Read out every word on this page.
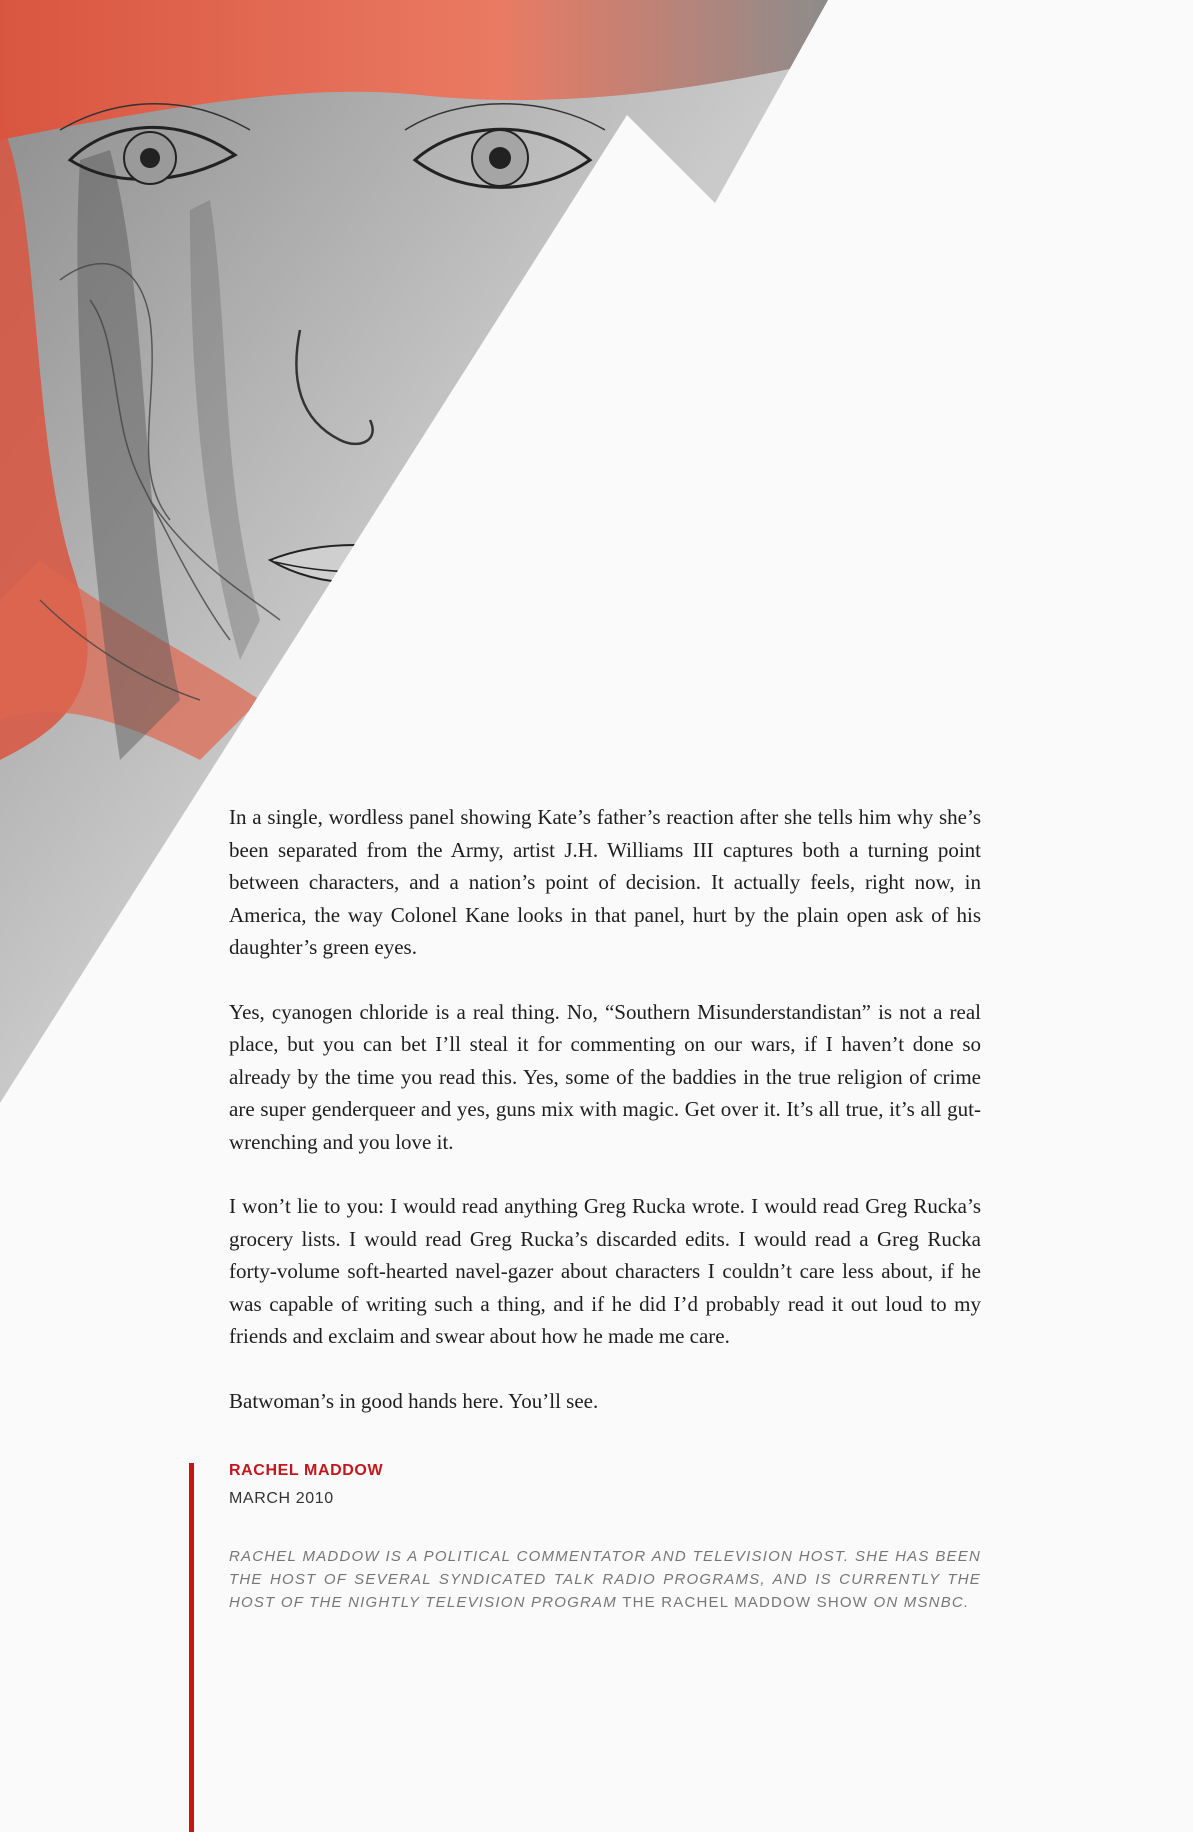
In a single, wordless panel showing Kate’s father’s reaction after she tells him why she’s been separated from the Army, artist J.H. Williams III captures both a turning point between characters, and a nation’s point of decision. It actually feels, right now, in America, the way Colonel Kane looks in that panel, hurt by the plain open ask of his daughter’s green eyes.

Yes, cyanogen chloride is a real thing. No, “Southern Misunderstandistan” is not a real place, but you can bet I’ll steal it for commenting on our wars, if I haven’t done so already by the time you read this. Yes, some of the baddies in the true religion of crime are super genderqueer and yes, guns mix with magic. Get over it. It’s all true, it’s all gut-wrenching and you love it.

I won’t lie to you: I would read anything Greg Rucka wrote. I would read Greg Rucka’s grocery lists. I would read Greg Rucka’s discarded edits. I would read a Greg Rucka forty-volume soft-hearted navel-gazer about characters I couldn’t care less about, if he was capable of writing such a thing, and if he did I’d probably read it out loud to my friends and exclaim and swear about how he made me care.

Batwoman’s in good hands here. You’ll see.

RACHEL MADDOW
MARCH 2010
RACHEL MADDOW IS A POLITICAL COMMENTATOR AND TELEVISION HOST. SHE HAS BEEN THE HOST OF SEVERAL SYNDICATED TALK RADIO PROGRAMS, AND IS CURRENTLY THE HOST OF THE NIGHTLY TELEVISION PROGRAM THE RACHEL MADDOW SHOW ON MSNBC.
